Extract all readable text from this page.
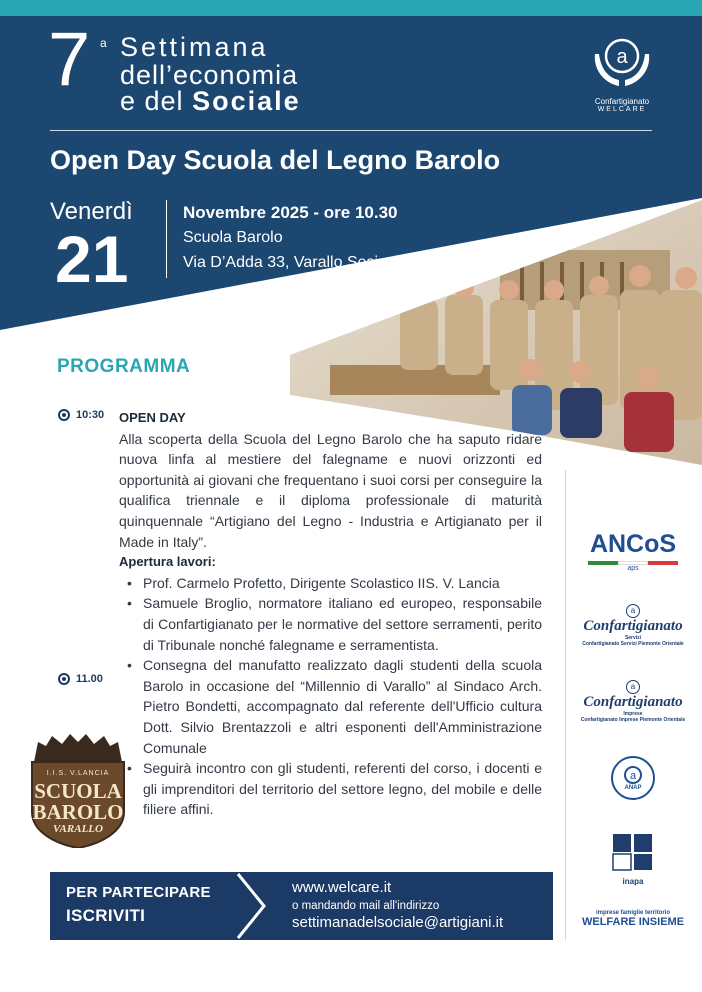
7 a Settimana
dell’economia
e del Sociale
a
Confartigianato
WELCARE
Open Day Scuola del Legno Barolo
Venerdì
21
Novembre 2025 - ore 10.30
Scuola Barolo
Via D’Adda 33, Varallo Sesia (VC)
PROGRAMMA
10:30
11.00
OPEN DAY

Alla scoperta della Scuola del Legno Barolo che ha saputo ridare nuova linfa al mestiere del falegname e nuovi orizzonti ed opportunità ai giovani che frequentano i suoi corsi per conseguire la qualifica triennale e il diploma professionale di maturità quinquennale “Artigiano del Legno - Industria e Artigianato per il Made in Italy”.

Apertura lavori:
• Prof. Carmelo Profetto, Dirigente Scolastico IIS. V. Lancia
• Samuele Broglio, normatore italiano ed europeo, responsabile di Confartigianato per le normative del settore serramenti, perito di Tribunale nonché falegname e serramentista.
• Consegna del manufatto realizzato dagli studenti della scuola Barolo in occasione del “Millennio di Varallo” al Sindaco Arch. Pietro Bondetti, accompagnato dal referente dell'Ufficio cultura Dott. Silvio Brentazzoli e altri esponenti dell'Amministrazione Comunale
• Seguirà incontro con gli studenti, referenti del corso, i docenti e gli imprenditori del territorio del settore legno, del mobile e delle filiere affini.
I.I.S. V.LANCIA
SCUOLA
BAROLO
VARALLO
ANCoS
aps
a
Confartigianato
Servizi
Confartigianato Servizi Piemonte Orientale
a
Confartigianato
Imprese
Confartigianato Imprese Piemonte Orientale
a
ANAP
inapa
imprese famiglie territorio
WELFARE INSIEME
PER PARTECIPARE
ISCRIVITI
www.welcare.it
o mandando mail all'indirizzo
settimanadelsociale@artigiani.it
